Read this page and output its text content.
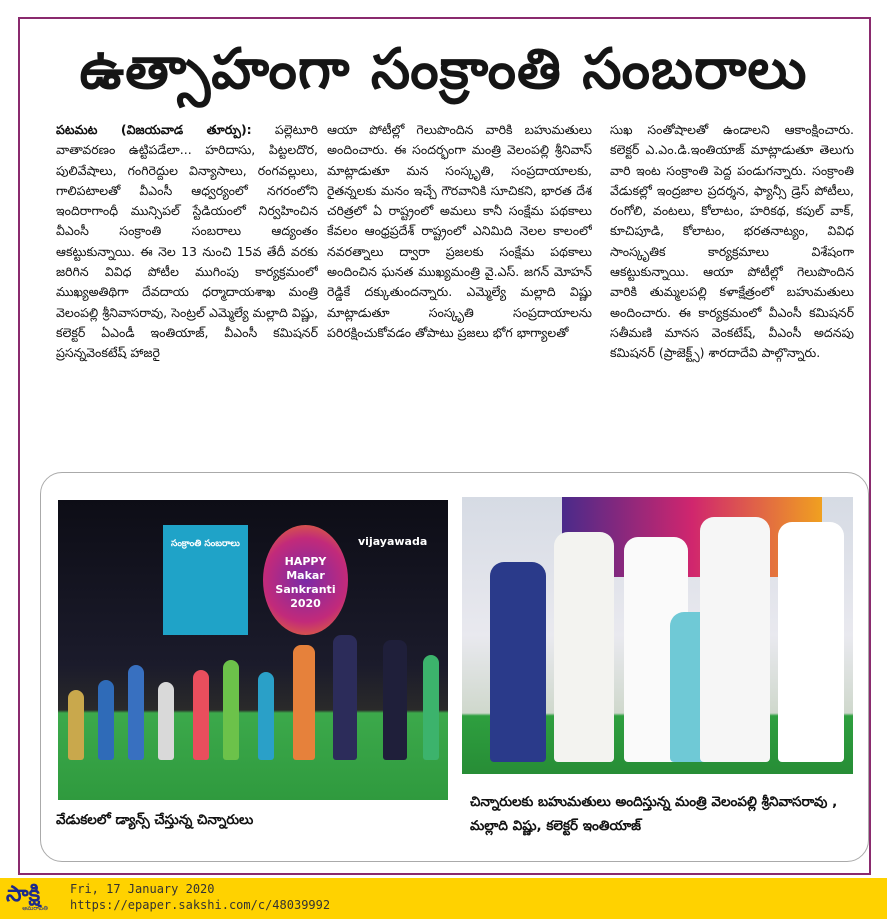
ఉత్సాహంగా సంక్రాంతి సంబరాలు

పటమట (విజయవాడ తూర్పు): పల్లెటూరి వాతావరణం ఉట్టిపడేలా... హరిదాసు, పిట్టలదొర, పులివేషాలు, గంగిరెద్దుల విన్యాసాలు, రంగవల్లులు, గాలిపటాలతో వీఎంసీ ఆధ్వర్యంలో నగరంలోని ఇందిరాగాంధీ మున్సిపల్ స్టేడియంలో నిర్వహించిన వీఎంసీ సంక్రాంతి సంబరాలు ఆద్యంతం ఆకట్టుకున్నాయి. ఈ నెల 13 నుంచి 15వ తేదీ వరకు జరిగిన వివిధ పోటీల ముగింపు కార్యక్రమంలో ముఖ్యఅతిథిగా దేవదాయ ధర్మాదాయశాఖ మంత్రి వెలంపల్లి శ్రీనివాసరావు, సెంట్రల్ ఎమ్మెల్యే మల్లాది విష్ణు, కలెక్టర్ ఏఎండీ ఇంతియాజ్, వీఎంసీ కమిషనర్ ప్రసన్నవెంకటేష్ హాజరై

ఆయా పోటీల్లో గెలుపొందిన వారికి బహుమతులు అందించారు. ఈ సందర్భంగా మంత్రి వెలంపల్లి శ్రీనివాస్ మాట్లాడుతూ మన సంస్కృతి, సంప్రదాయాలకు, రైతన్నలకు మనం ఇచ్చే గౌరవానికి సూచికని, భారత దేశ చరిత్రలో ఏ రాష్ట్రంలో అమలు కానీ సంక్షేమ పథకాలు కేవలం ఆంధ్రప్రదేశ్ రాష్ట్రంలో ఎనిమిది నెలల కాలంలో నవరత్నాలు ద్వారా ప్రజలకు సంక్షేమ పథకాలు అందించిన ఘనత ముఖ్యమంత్రి వై.ఎస్. జగన్ మోహన్ రెడ్డికే దక్కుతుందన్నారు. ఎమ్మెల్యే మల్లాది విష్ణు మాట్లాడుతూ సంస్కృతి సంప్రదాయాలను పరిరక్షించుకోవడం తోపాటు ప్రజలు భోగ భాగ్యాలతో

సుఖ సంతోషాలతో ఉండాలని ఆకాంక్షించారు. కలెక్టర్ ఎ.ఎం.డి.ఇంతియాజ్ మాట్లాడుతూ తెలుగు వారి ఇంట సంక్రాంతి పెద్ద పండుగన్నారు. సంక్రాంతి వేడుకల్లో ఇంద్రజాల ప్రదర్శన, ఫ్యాన్సీ డ్రెస్ పోటీలు, రంగోలి, వంటలు, కోలాటం, హరికథ, కపుల్ వాక్, కూచిపూడి, కోలాటం, భరతనాట్యం, వివిధ సాంస్కృతిక కార్యక్రమాలు విశేషంగా ఆకట్టుకున్నాయి. ఆయా పోటీల్లో గెలుపొందిన వారికి తుమ్మలపల్లి కళాక్షేత్రంలో బహుమతులు అందించారు. ఈ కార్యక్రమంలో వీఎంసీ కమిషనర్ సతీమణి మానస వెంకటేష్, వీఎంసీ అదనపు కమిషనర్ (ప్రాజెక్ట్స్) శారదాదేవి పాల్గొన్నారు.

సంక్రాంతి సంబరాలు
HAPPY Makar Sankranti 2020
vijayawada
వేడుకలలో డ్యాన్స్ చేస్తున్న చిన్నారులు
చిన్నారులకు బహుమతులు అందిస్తున్న మంత్రి వెలంపల్లి శ్రీనివాసరావు , మల్లాది విష్ణు, కలెక్టర్ ఇంతియాజ్
సాక్షి
అమరావతి
Fri, 17 January 2020
https://epaper.sakshi.com/c/48039992
